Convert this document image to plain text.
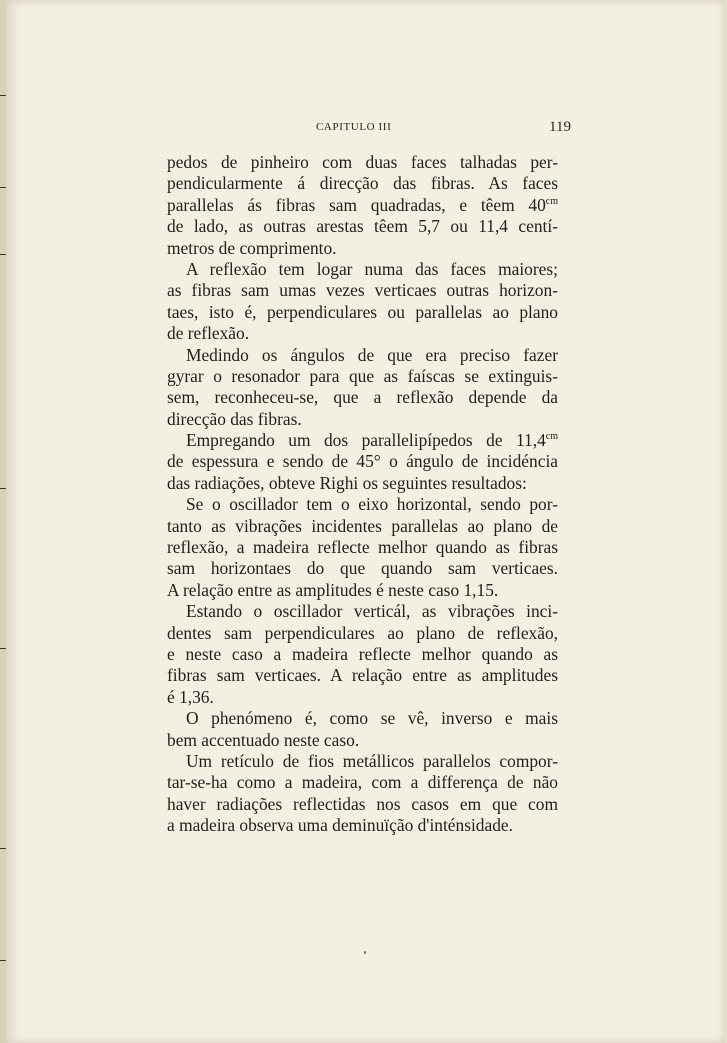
CAPITULO III	119
pedos de pinheiro com duas faces talhadas per-
pendicularmente á direcção das fibras. As faces
parallelas ás fibras sam quadradas, e têem $40^{cm}$
de lado, as outras arestas têem 5,7 ou 11,4 centí-
metros de comprimento.
A reflexão tem logar numa das faces maiores;
as fibras sam umas vezes verticaes outras horizon-
taes, isto é, perpendiculares ou parallelas ao plano
de reflexão.
Medindo os ángulos de que era preciso fazer
gyrar o resonador para que as faíscas se extinguis-
sem, reconheceu-se, que a reflexão depende da
direcção das fibras.
Empregando um dos parallelipípedos de $11,4^{cm}$
de espessura e sendo de 45° o ángulo de incidéncia
das radiações, obteve Righi os seguintes resultados:
Se o oscillador tem o eixo horizontal, sendo por-
tanto as vibrações incidentes parallelas ao plano de
reflexão, a madeira reflecte melhor quando as fibras
sam horizontaes do que quando sam verticaes.
A relação entre as amplitudes é neste caso 1,15.
Estando o oscillador verticál, as vibrações inci-
dentes sam perpendiculares ao plano de reflexão,
e neste caso a madeira reflecte melhor quando as
fibras sam verticaes. A relação entre as amplitudes
é 1,36.
O phenómeno é, como se vê, inverso e mais
bem accentuado neste caso.
Um retículo de fios metállicos parallelos compor-
tar-se-ha como a madeira, com a differença de não
haver radiações reflectidas nos casos em que com
a madeira observa uma deminuïção d'inténsidade.
